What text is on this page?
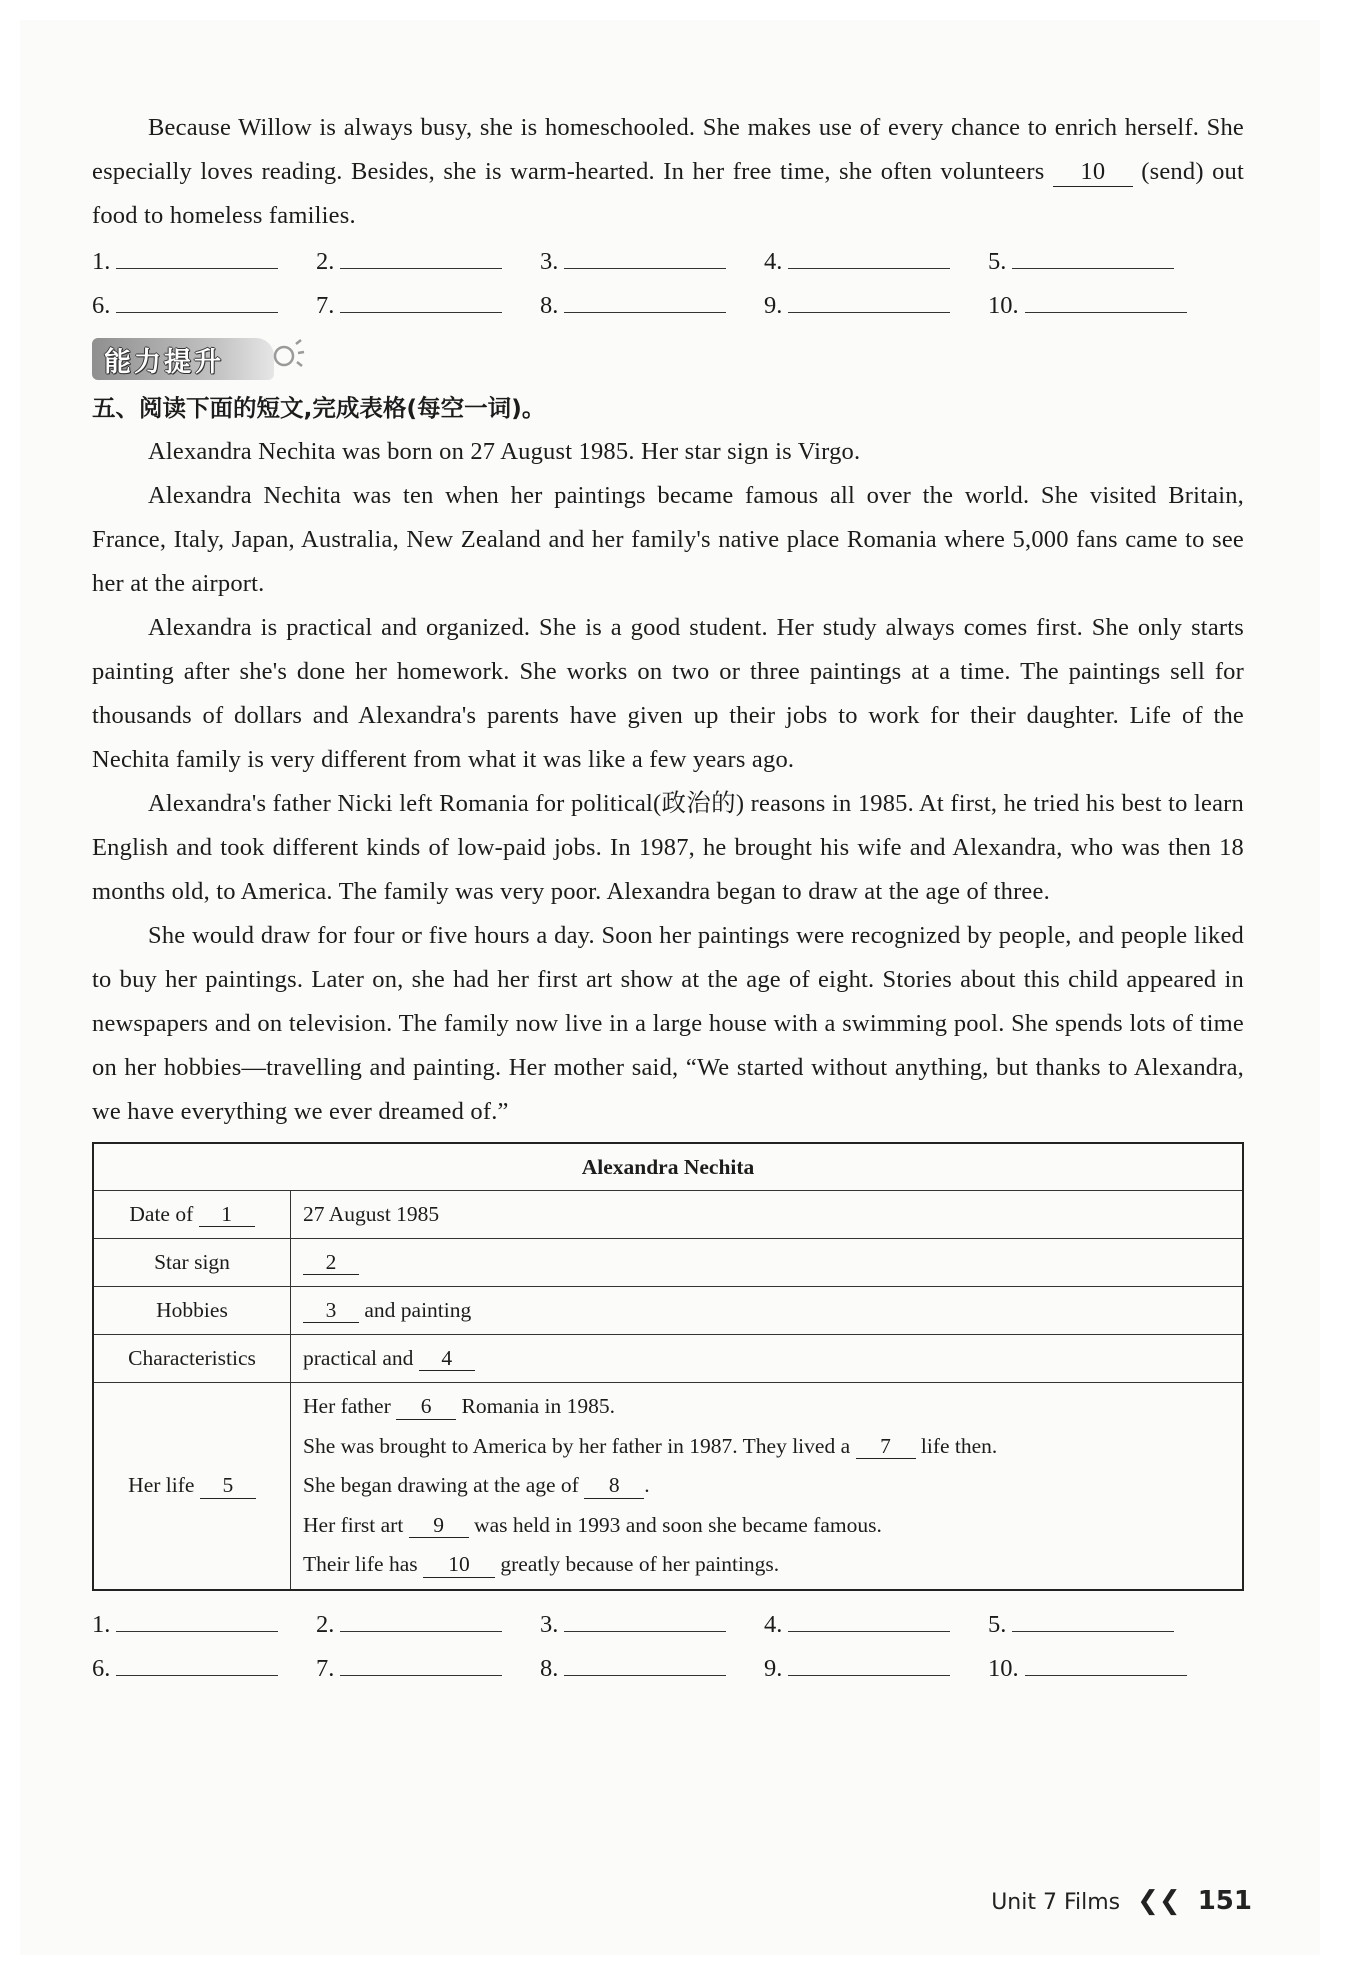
Because Willow is always busy, she is homeschooled. She makes use of every chance to enrich herself. She especially loves reading. Besides, she is warm-hearted. In her free time, she often volunteers 10 (send) out food to homeless families.

1.	2.	3.	4.	5.
6.	7.	8.	9.	10.
能力提升

五、阅读下面的短文,完成表格(每空一词)。

Alexandra Nechita was born on 27 August 1985. Her star sign is Virgo.

Alexandra Nechita was ten when her paintings became famous all over the world. She visited Britain, France, Italy, Japan, Australia, New Zealand and her family's native place Romania where 5,000 fans came to see her at the airport.

Alexandra is practical and organized. She is a good student. Her study always comes first. She only starts painting after she's done her homework. She works on two or three paintings at a time. The paintings sell for thousands of dollars and Alexandra's parents have given up their jobs to work for their daughter. Life of the Nechita family is very different from what it was like a few years ago.

Alexandra's father Nicki left Romania for political(政治的) reasons in 1985. At first, he tried his best to learn English and took different kinds of low-paid jobs. In 1987, he brought his wife and Alexandra, who was then 18 months old, to America. The family was very poor. Alexandra began to draw at the age of three.

She would draw for four or five hours a day. Soon her paintings were recognized by people, and people liked to buy her paintings. Later on, she had her first art show at the age of eight. Stories about this child appeared in newspapers and on television. The family now live in a large house with a swimming pool. She spends lots of time on her hobbies—travelling and painting. Her mother said, “We started without anything, but thanks to Alexandra, we have everything we ever dreamed of.”

Alexandra Nechita	
Date of 1	27 August 1985
Star sign	2
Hobbies	3 and painting
Characteristics	practical and 4
Her life 5	Her father 6 Romania in 1985.
She was brought to America by her father in 1987. They lived a 7 life then.
She began drawing at the age of 8 .
Her first art 9 was held in 1993 and soon she became famous.
Their life has 10 greatly because of her paintings.
1.	2.	3.	4.	5.
6.	7.	8.	9.	10.
Unit 7 Films ❮❮ 151
